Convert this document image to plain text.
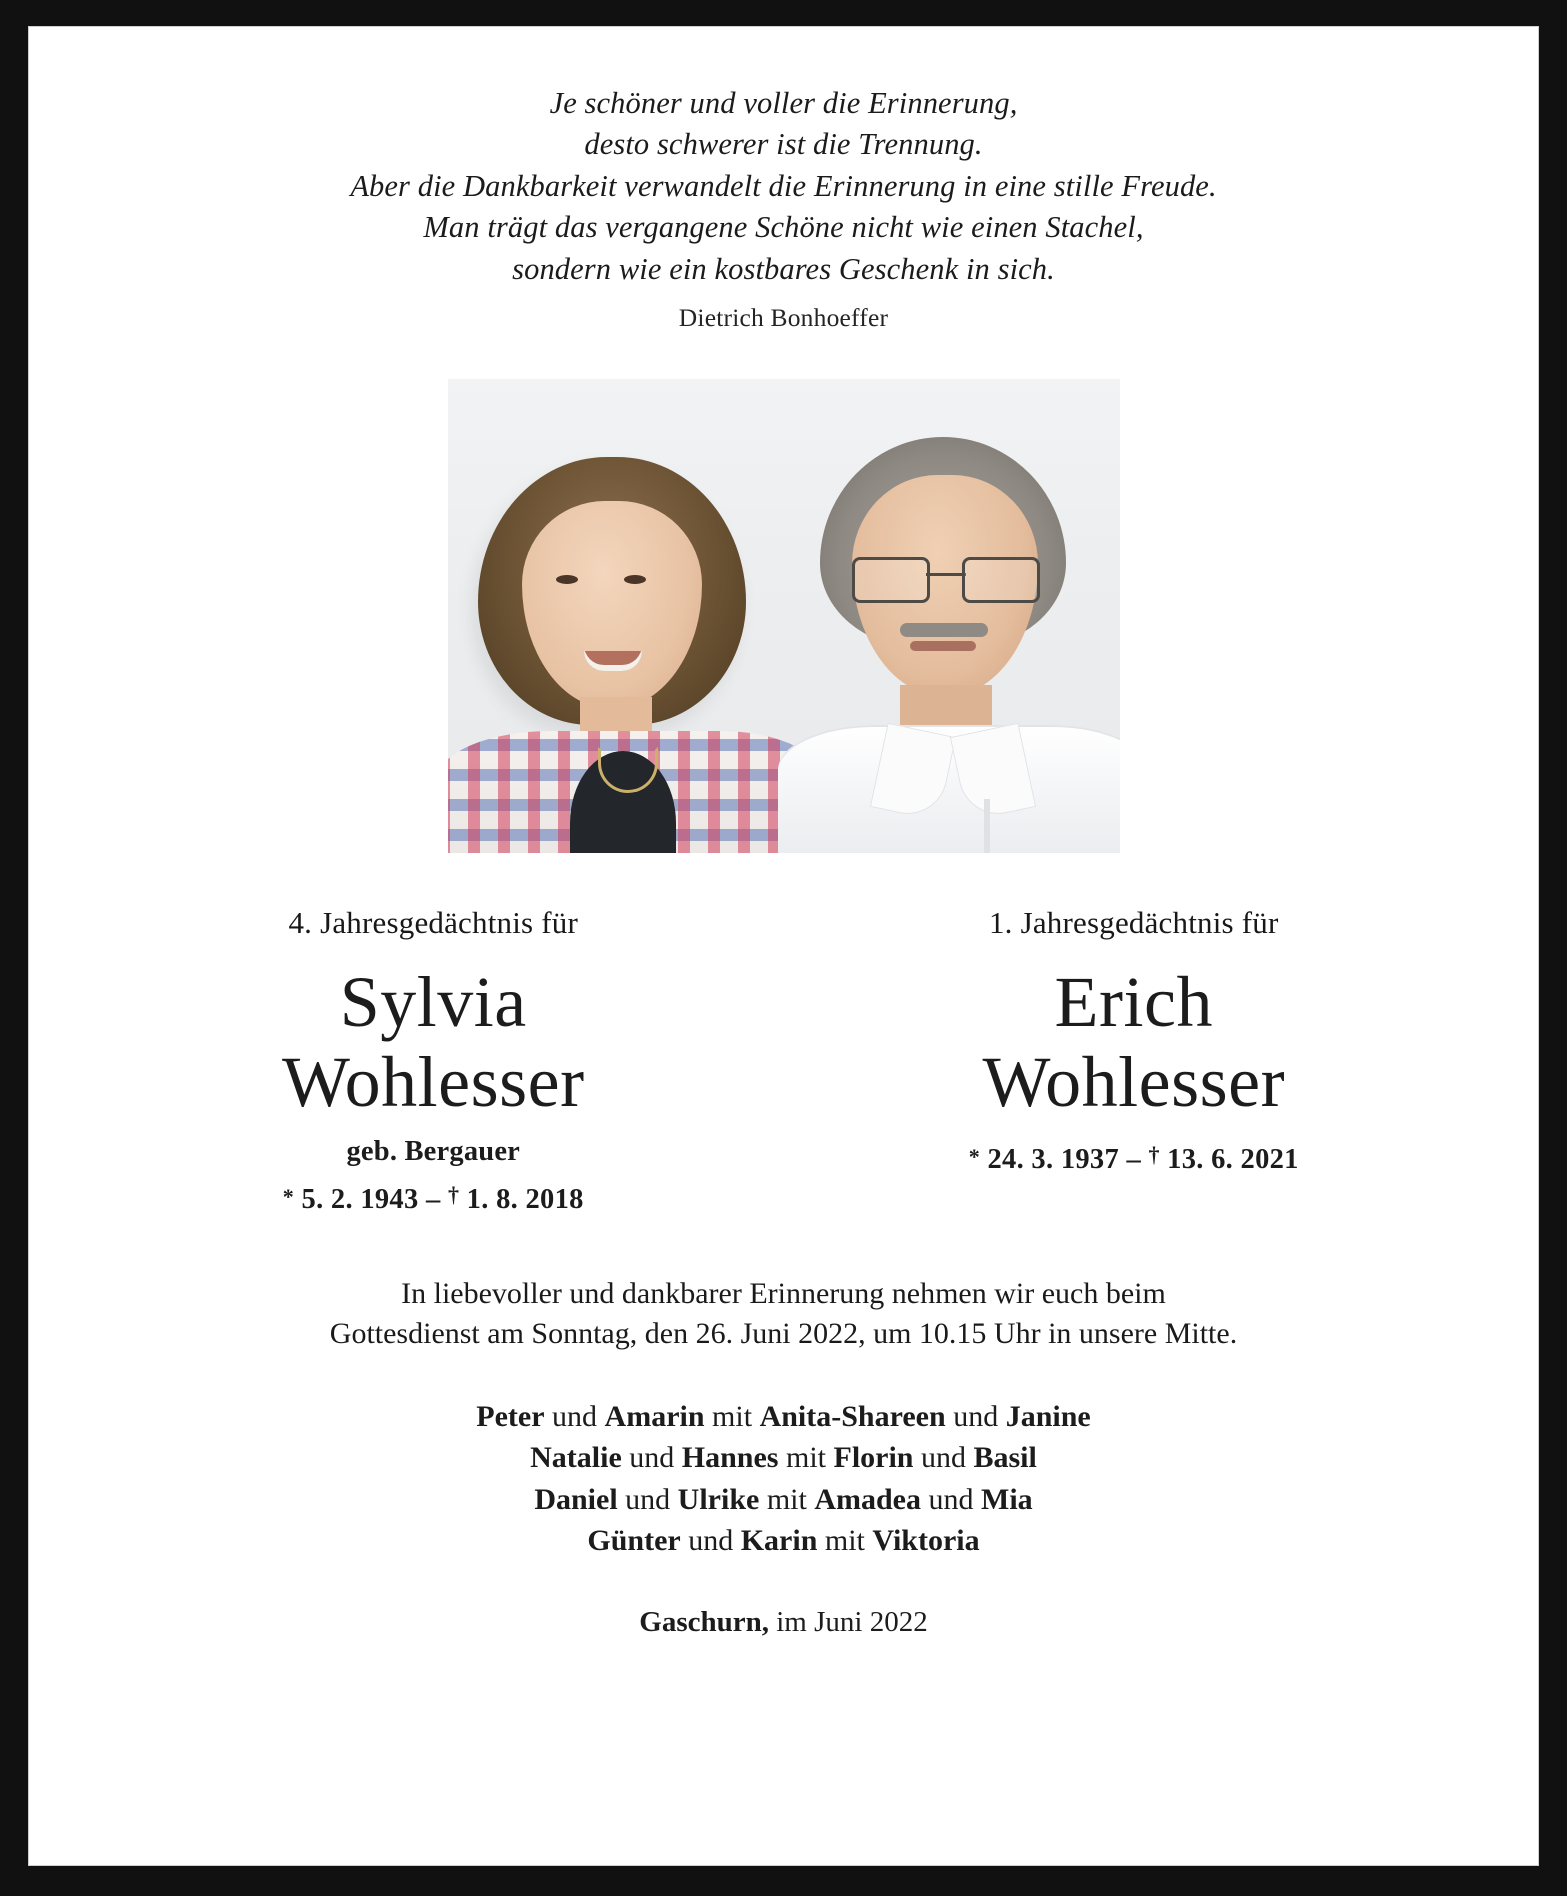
Je schöner und voller die Erinnerung,
desto schwerer ist die Trennung.
Aber die Dankbarkeit verwandelt die Erinnerung in eine stille Freude.
Man trägt das vergangene Schöne nicht wie einen Stachel,
sondern wie ein kostbares Geschenk in sich.
Dietrich Bonhoeffer
4. Jahresgedächtnis für
Sylvia
Wohlesser
geb. Bergauer
* 5. 2. 1943 – † 1. 8. 2018
1. Jahresgedächtnis für
Erich
Wohlesser
* 24. 3. 1937 – † 13. 6. 2021
In liebevoller und dankbarer Erinnerung nehmen wir euch beim
Gottesdienst am Sonntag, den 26. Juni 2022, um 10.15 Uhr in unsere Mitte.
Peter und Amarin mit Anita-Shareen und Janine
Natalie und Hannes mit Florin und Basil
Daniel und Ulrike mit Amadea und Mia
Günter und Karin mit Viktoria
Gaschurn, im Juni 2022
